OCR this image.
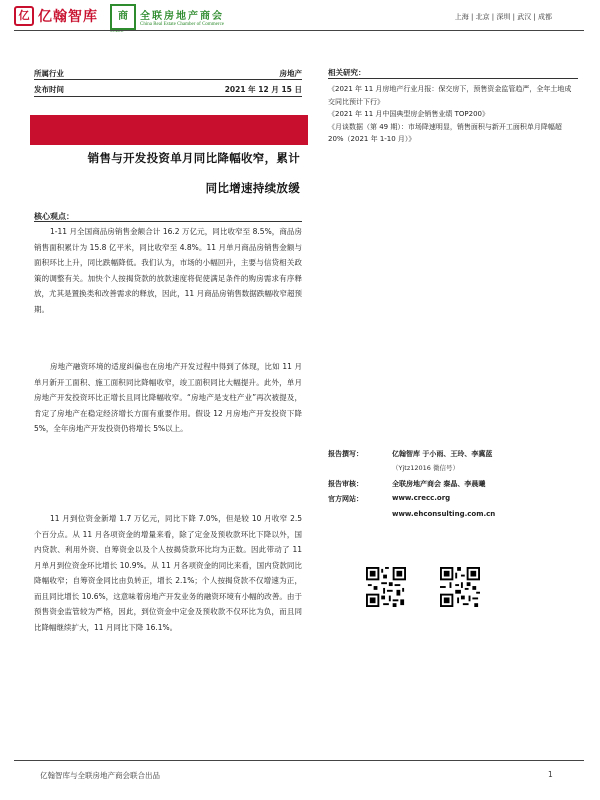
亿 亿翰智库	商	全联房地产商会
China Real Estate Chamber of Commerce
上海 | 北京 | 深圳 | 武汉 | 成都
所属行业	房地产
发布时间	2021 年 12 月 15 日
销售与开发投资单月同比降幅收窄，累计
同比增速持续放缓
核心观点：

1-11 月全国商品房销售金额合计 16.2 万亿元，同比收窄至 8.5%，商品房销售面积累计为 15.8 亿平米，同比收窄至 4.8%。11 月单月商品房销售金额与面积环比上升，同比跌幅降低。我们认为，市场的小幅回升，主要与信贷相关政策的调整有关。加快个人按揭贷款的放款速度将促使满足条件的购房需求有序释放，尤其是置换类和改善需求的释放，因此，11 月商品房销售数据跌幅收窄超预期。

房地产融资环境的适度纠偏也在房地产开发过程中得到了体现，比如 11 月单月新开工面积、施工面积同比降幅收窄，竣工面积同比大幅提升。此外，单月房地产开发投资环比正增长且同比降幅收窄。“房地产是支柱产业”再次被提及，肯定了房地产在稳定经济增长方面有重要作用。假设 12 月房地产开发投资下降 5%，全年房地产开发投资仍将增长 5%以上。

11 月到位资金新增 1.7 万亿元，同比下降 7.0%，但是较 10 月收窄 2.5 个百分点。从 11 月各项资金的增量来看，除了定金及预收款环比下降以外，国内贷款、利用外资、自筹资金以及个人按揭贷款环比均为正数。因此带动了 11 月单月到位资金环比增长 10.9%。从 11 月各项资金的同比来看，国内贷款同比降幅收窄；自筹资金同比由负转正，增长 2.1%；个人按揭贷款不仅增速为正，而且同比增长 10.6%，这意味着房地产开发业务的融资环境有小幅的改善。由于预售资金监管较为严格，因此，到位资金中定金及预收款不仅环比为负，而且同比降幅继续扩大，11 月同比下降 16.1%。

相关研究：
《2021 年 11 月房地产行业月报：保交房下，预售资金监管趋严，全年土地成交同比预计下行》
《2021 年 11 月中国典型房企销售业绩 TOP200》
《月谈数据（第 49 期）：市场降速明显，销售面积与新开工面积单月降幅超 20%（2021 年 1-10 月）》
报告撰写：	亿翰智库 于小雨、王玲、李冀蓝
（Yjtz12016 微信号）
报告审核：	全联房地产商会 秦晶、李晨曦
官方网站：	www.crecc.org
www.ehconsulting.com.cn
亿翰智库与全联房地产商会联合出品	1
